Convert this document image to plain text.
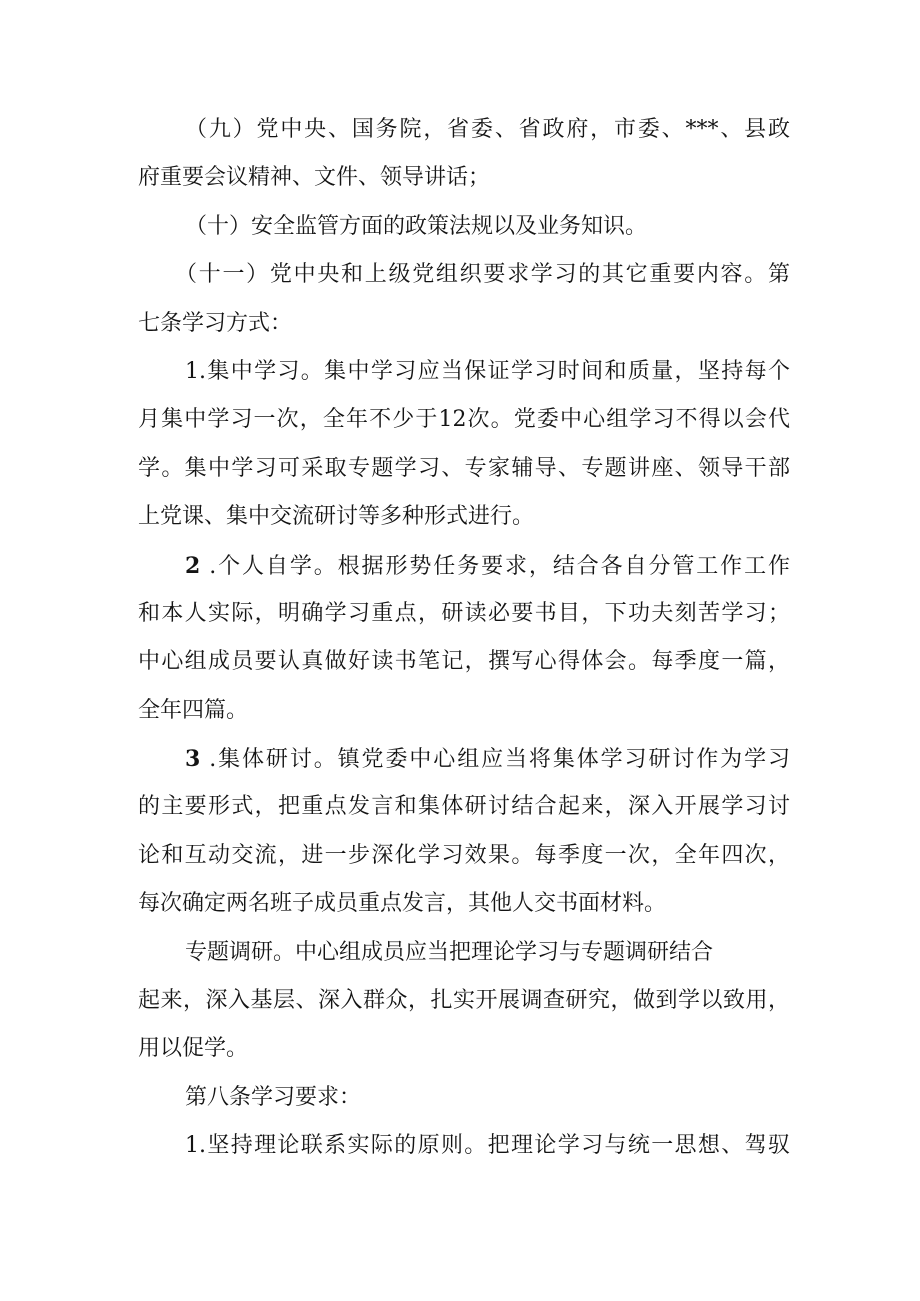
（九）党中央、国务院，省委、省政府，市委、***、县政
府重要会议精神、文件、领导讲话；
（十）安全监管方面的政策法规以及业务知识。
（十一）党中央和上级党组织要求学习的其它重要内容。第
七条学习方式：
1.集中学习。集中学习应当保证学习时间和质量，坚持每个
月集中学习一次，全年不少于12次。党委中心组学习不得以会代
学。集中学习可采取专题学习、专家辅导、专题讲座、领导干部
上党课、集中交流研讨等多种形式进行。
2 .个人自学。根据形势任务要求，结合各自分管工作工作
和本人实际，明确学习重点，研读必要书目，下功夫刻苦学习；
中心组成员要认真做好读书笔记，撰写心得体会。每季度一篇，
全年四篇。
3 .集体研讨。镇党委中心组应当将集体学习研讨作为学习
的主要形式，把重点发言和集体研讨结合起来，深入开展学习讨
论和互动交流，进一步深化学习效果。每季度一次，全年四次，
每次确定两名班子成员重点发言，其他人交书面材料。
专题调研。中心组成员应当把理论学习与专题调研结合
起来，深入基层、深入群众，扎实开展调查研究，做到学以致用，
用以促学。
第八条学习要求：
1.坚持理论联系实际的原则。把理论学习与统一思想、驾驭
